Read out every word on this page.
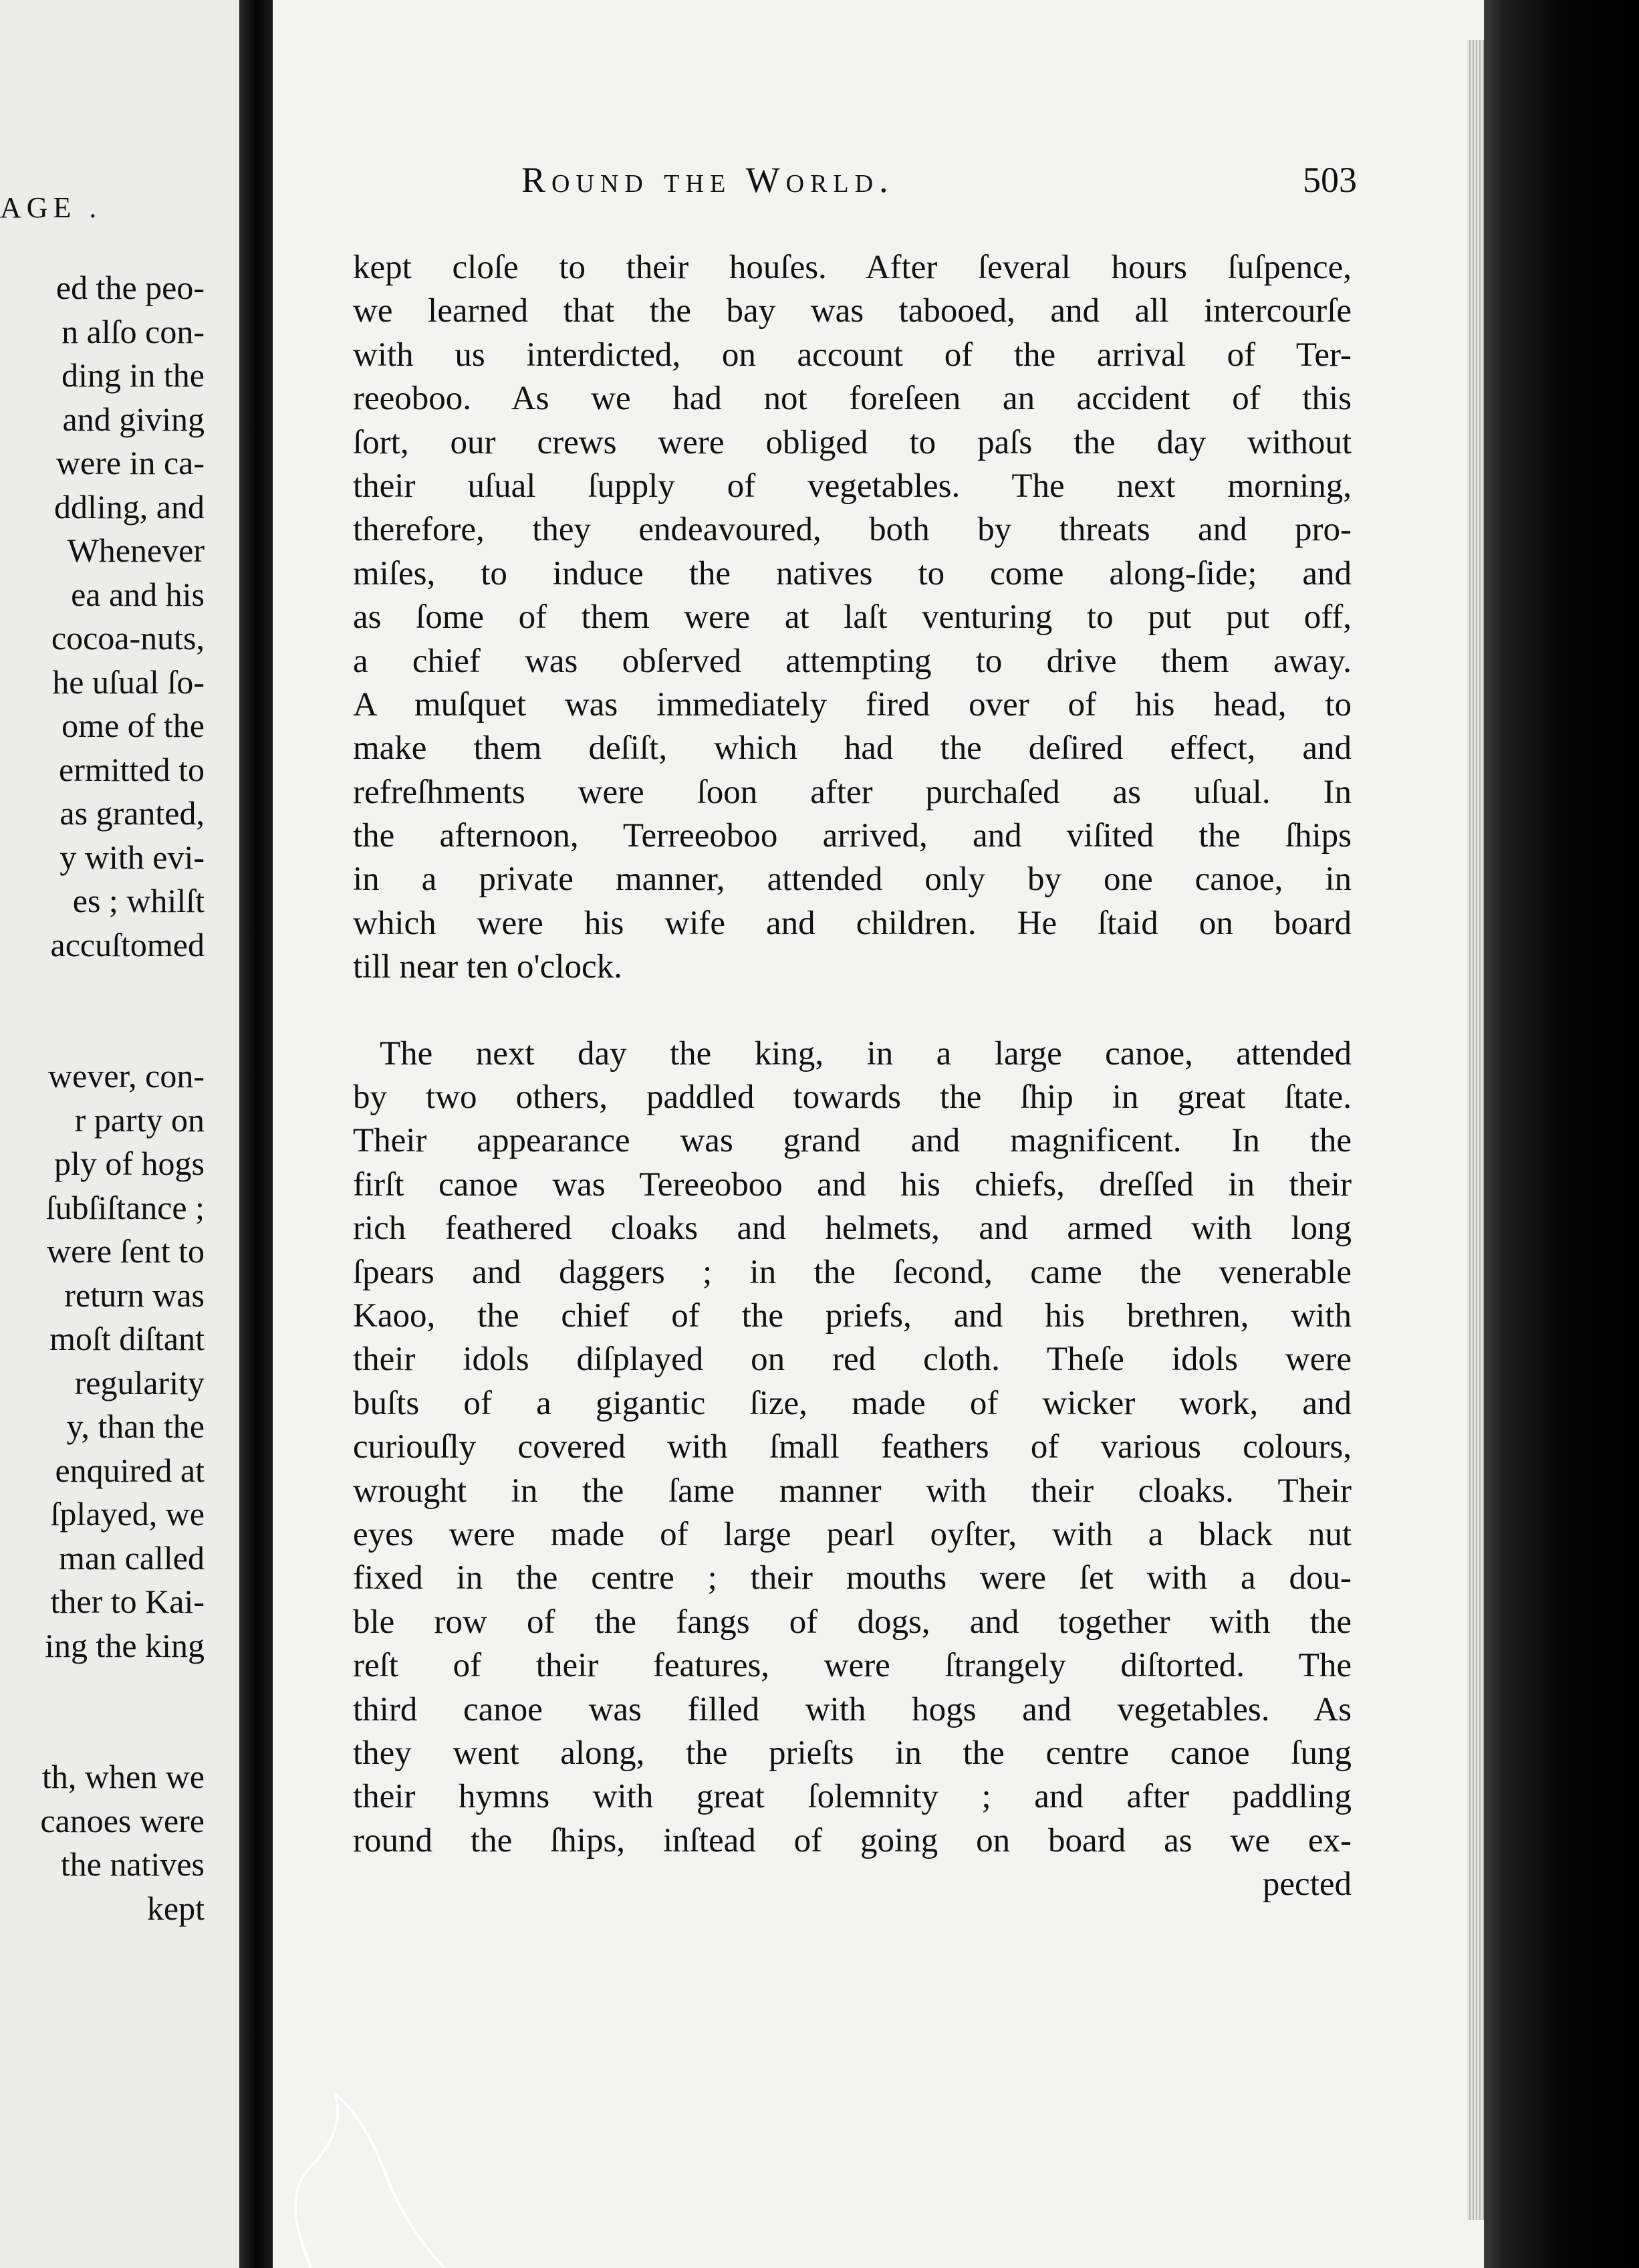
AGE .
ed the peo-
n alſo con-
ding in the
and giving
were in ca-
ddling, and
Whenever
ea and his
cocoa-nuts,
he uſual ſo-
ome of the
ermitted to
as granted,
y with evi-
es ; whilſt
accuſtomed
wever, con-
r party on
ply of hogs
ſubſiſtance ;
were ſent to
return was
moſt diſtant
regularity
y, than the
enquired at
ſplayed, we
man called
ther to Kai-
ing the king
th, when we
canoes were
the natives
kept
Round the World.	503
kept cloſe to their houſes. After ſeveral hours ſuſpence,
we learned that the bay was tabooed, and all intercourſe
with us interdicted, on account of the arrival of Ter-
reeoboo. As we had not foreſeen an accident of this
ſort, our crews were obliged to paſs the day without
their uſual ſupply of vegetables. The next morning,
therefore, they endeavoured, both by threats and pro-
miſes, to induce the natives to come along-ſide; and
as ſome of them were at laſt venturing to put put off,
a chief was obſerved attempting to drive them away.
A muſquet was immediately fired over of his head, to
make them deſiſt, which had the deſired effect, and
refreſhments were ſoon after purchaſed as uſual. In
the afternoon, Terreeoboo arrived, and viſited the ſhips
in a private manner, attended only by one canoe, in
which were his wife and children. He ſtaid on board
till near ten o'clock.
The next day the king, in a large canoe, attended
by two others, paddled towards the ſhip in great ſtate.
Their appearance was grand and magnificent. In the
firſt canoe was Tereeoboo and his chiefs, dreſſed in their
rich feathered cloaks and helmets, and armed with long
ſpears and daggers ; in the ſecond, came the venerable
Kaoo, the chief of the priefs, and his brethren, with
their idols diſplayed on red cloth. Theſe idols were
buſts of a gigantic ſize, made of wicker work, and
curiouſly covered with ſmall feathers of various colours,
wrought in the ſame manner with their cloaks. Their
eyes were made of large pearl oyſter, with a black nut
fixed in the centre ; their mouths were ſet with a dou-
ble row of the fangs of dogs, and together with the
reſt of their features, were ſtrangely diſtorted. The
third canoe was filled with hogs and vegetables. As
they went along, the prieſts in the centre canoe ſung
their hymns with great ſolemnity ; and after paddling
round the ſhips, inſtead of going on board as we ex-
pected
